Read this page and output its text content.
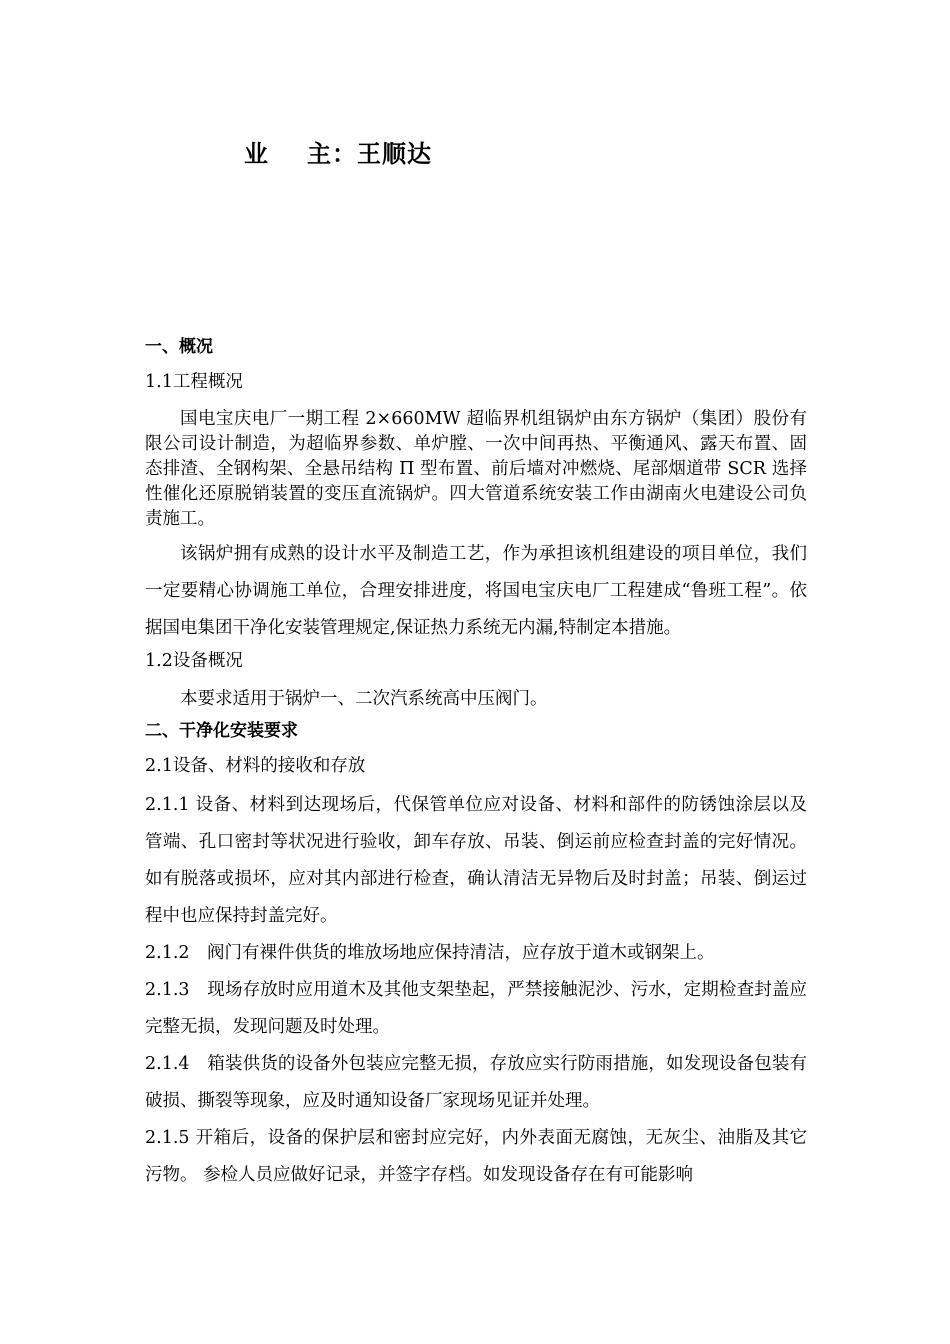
业 主：王顺达
一、概况
1.1工程概况

国电宝庆电厂一期工程 2×660MW 超临界机组锅炉由东方锅炉（集团）股份有限公司设计制造，为超临界参数、单炉膛、一次中间再热、平衡通风、露天布置、固态排渣、全钢构架、全悬吊结构 Π 型布置、前后墙对冲燃烧、尾部烟道带 SCR 选择性催化还原脱销装置的变压直流锅炉。四大管道系统安装工作由湖南火电建设公司负责施工。

该锅炉拥有成熟的设计水平及制造工艺，作为承担该机组建设的项目单位，我们一定要精心协调施工单位，合理安排进度，将国电宝庆电厂工程建成“鲁班工程”。依据国电集团干净化安装管理规定,保证热力系统无内漏,特制定本措施。

1.2设备概况

本要求适用于锅炉一、二次汽系统高中压阀门。

二、干净化安装要求
2.1设备、材料的接收和存放

2.1.1 设备、材料到达现场后，代保管单位应对设备、材料和部件的防锈蚀涂层以及管端、孔口密封等状况进行验收，卸车存放、吊装、倒运前应检查封盖的完好情况。如有脱落或损坏，应对其内部进行检查，确认清洁无异物后及时封盖；吊装、倒运过程中也应保持封盖完好。

2.1.2　阀门有裸件供货的堆放场地应保持清洁，应存放于道木或钢架上。

2.1.3　现场存放时应用道木及其他支架垫起，严禁接触泥沙、污水，定期检查封盖应完整无损，发现问题及时处理。

2.1.4　箱装供货的设备外包装应完整无损，存放应实行防雨措施，如发现设备包装有破损、撕裂等现象，应及时通知设备厂家现场见证并处理。

2.1.5 开箱后，设备的保护层和密封应完好，内外表面无腐蚀，无灰尘、油脂及其它污物。 参检人员应做好记录，并签字存档。如发现设备存在有可能影响
